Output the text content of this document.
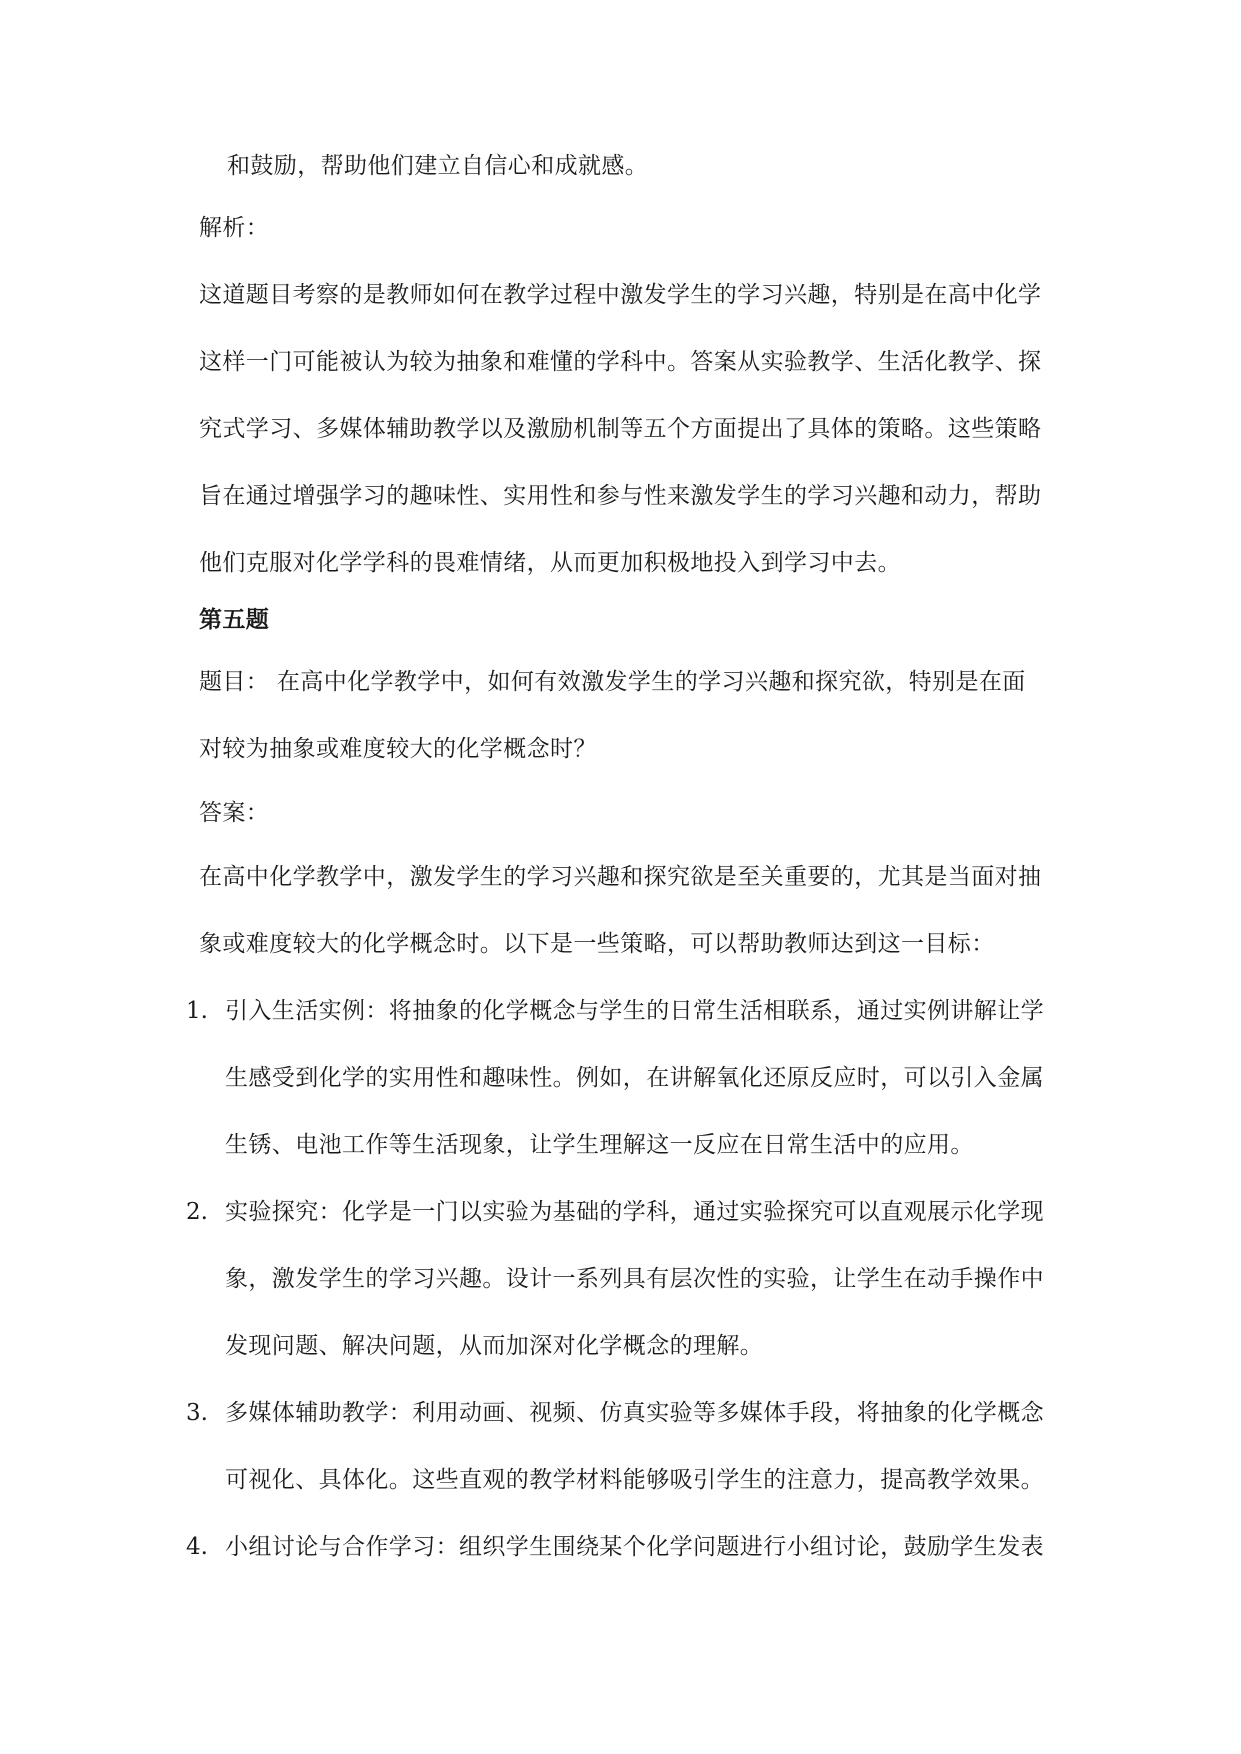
和鼓励，帮助他们建立自信心和成就感。
解析：
这道题目考察的是教师如何在教学过程中激发学生的学习兴趣，特别是在高中化学
这样一门可能被认为较为抽象和难懂的学科中。答案从实验教学、生活化教学、探
究式学习、多媒体辅助教学以及激励机制等五个方面提出了具体的策略。这些策略
旨在通过增强学习的趣味性、实用性和参与性来激发学生的学习兴趣和动力，帮助
他们克服对化学学科的畏难情绪，从而更加积极地投入到学习中去。
第五题
题目： 在高中化学教学中，如何有效激发学生的学习兴趣和探究欲，特别是在面
对较为抽象或难度较大的化学概念时？
答案：
在高中化学教学中，激发学生的学习兴趣和探究欲是至关重要的，尤其是当面对抽
象或难度较大的化学概念时。以下是一些策略，可以帮助教师达到这一目标：
1. 引入生活实例：将抽象的化学概念与学生的日常生活相联系，通过实例讲解让学
生感受到化学的实用性和趣味性。例如，在讲解氧化还原反应时，可以引入金属
生锈、电池工作等生活现象，让学生理解这一反应在日常生活中的应用。
2. 实验探究：化学是一门以实验为基础的学科，通过实验探究可以直观展示化学现
象，激发学生的学习兴趣。设计一系列具有层次性的实验，让学生在动手操作中
发现问题、解决问题，从而加深对化学概念的理解。
3. 多媒体辅助教学：利用动画、视频、仿真实验等多媒体手段，将抽象的化学概念
可视化、具体化。这些直观的教学材料能够吸引学生的注意力，提高教学效果。
4. 小组讨论与合作学习：组织学生围绕某个化学问题进行小组讨论，鼓励学生发表
